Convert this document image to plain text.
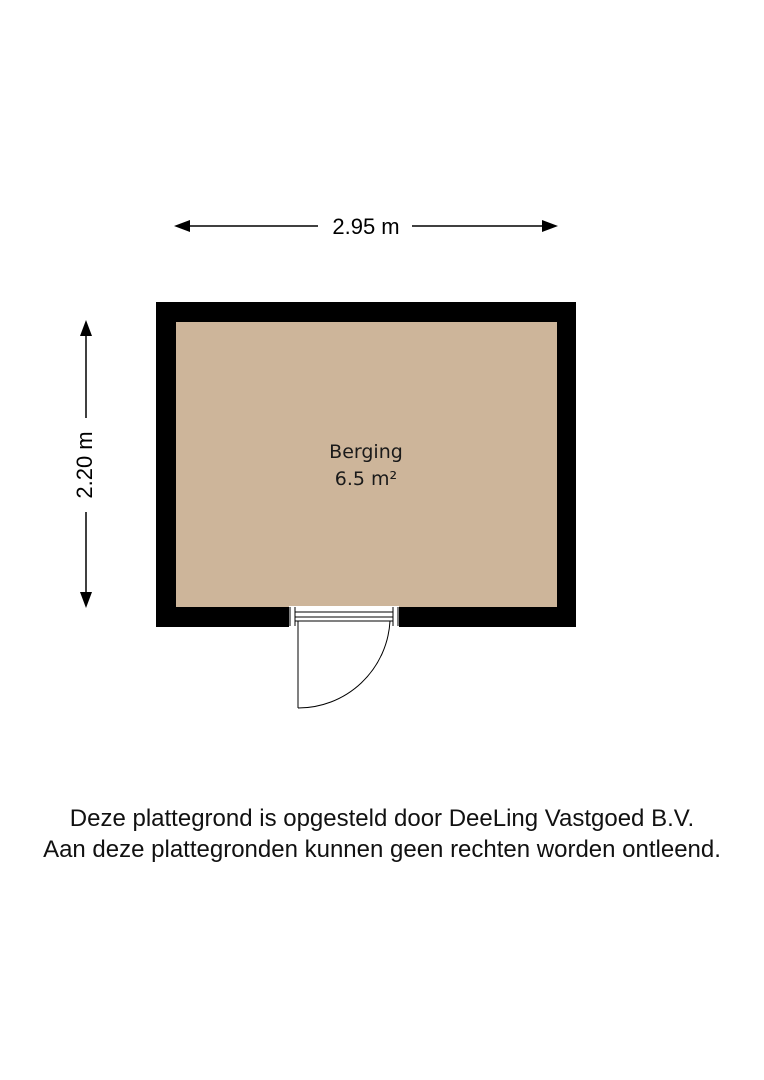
2.95 m
2.20 m	Berging
6.5 m²
Deze plattegrond is opgesteld door DeeLing Vastgoed B.V.
Aan deze plattegronden kunnen geen rechten worden ontleend.
